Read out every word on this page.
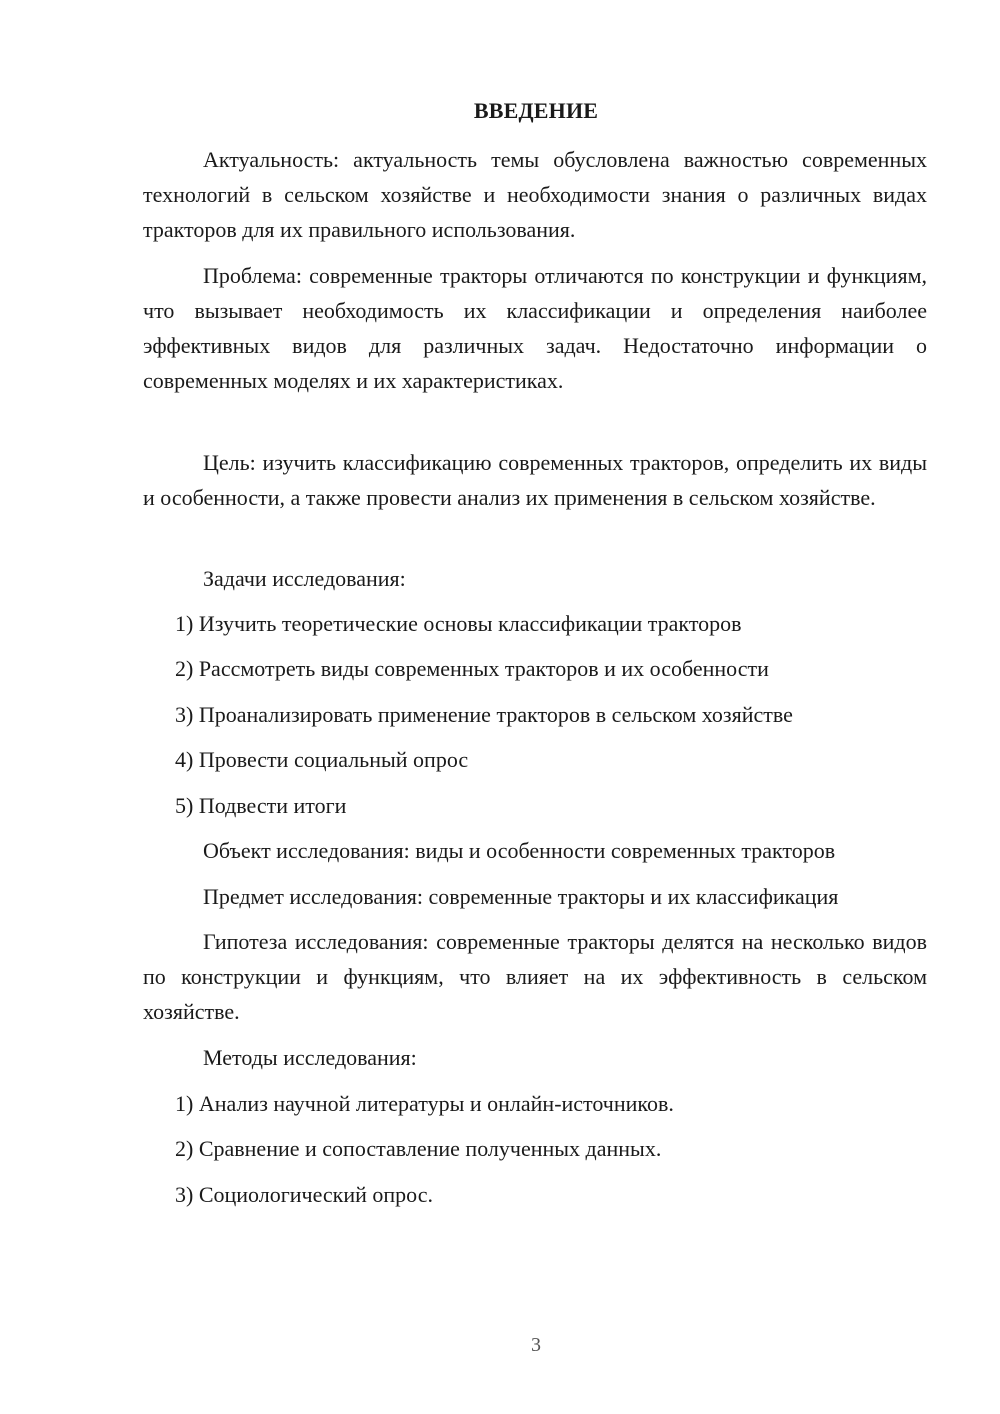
ВВЕДЕНИЕ

Актуальность: актуальность темы обусловлена важностью современных технологий в сельском хозяйстве и необходимости знания о различных видах тракторов для их правильного использования.

Проблема: современные тракторы отличаются по конструкции и функциям, что вызывает необходимость их классификации и определения наиболее эффективных видов для различных задач. Недостаточно информации о современных моделях и их характеристиках.

Цель: изучить классификацию современных тракторов, определить их виды и особенности, а также провести анализ их применения в сельском хозяйстве.

Задачи исследования:

1) Изучить теоретические основы классификации тракторов

2) Рассмотреть виды современных тракторов и их особенности

3) Проанализировать применение тракторов в сельском хозяйстве

4) Провести социальный опрос

5) Подвести итоги

Объект исследования: виды и особенности современных тракторов

Предмет исследования: современные тракторы и их классификация

Гипотеза исследования: современные тракторы делятся на несколько видов по конструкции и функциям, что влияет на их эффективность в сельском хозяйстве.

Методы исследования:

1) Анализ научной литературы и онлайн-источников.

2) Сравнение и сопоставление полученных данных.

3) Социологический опрос.

3
